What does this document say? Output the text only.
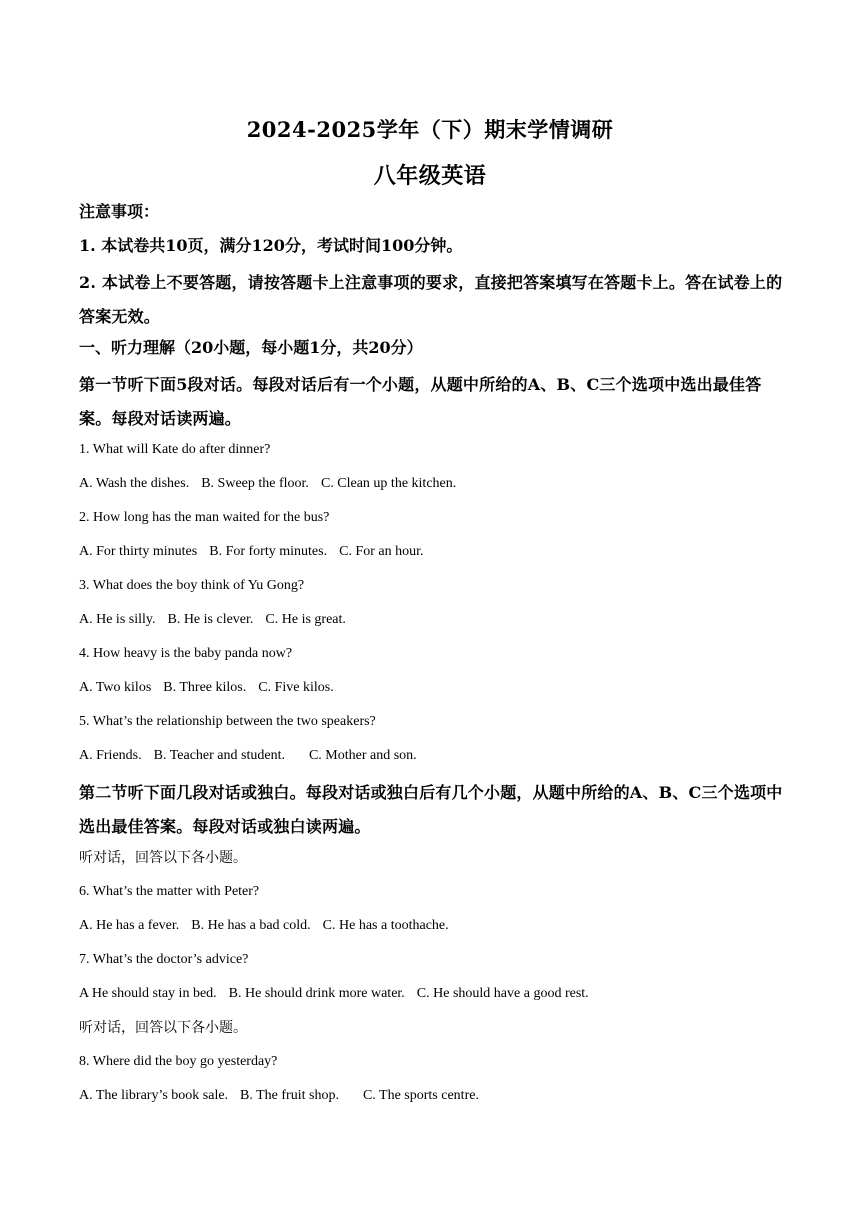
2024-2025学年（下）期末学情调研
八年级英语
注意事项：
1. 本试卷共10页，满分120分，考试时间100分钟。
2. 本试卷上不要答题，请按答题卡上注意事项的要求，直接把答案填写在答题卡上。答在试卷上的答案无效。
一、听力理解（20小题，每小题1分，共20分）
第一节听下面5段对话。每段对话后有一个小题，从题中所给的A、B、C三个选项中选出最佳答案。每段对话读两遍。
1. What will Kate do after dinner?
A. Wash the dishes. B. Sweep the floor. C. Clean up the kitchen.
2. How long has the man waited for the bus?
A. For thirty minutes B. For forty minutes. C. For an hour.
3. What does the boy think of Yu Gong?
A. He is silly. B. He is clever. C. He is great.
4. How heavy is the baby panda now?
A. Two kilos B. Three kilos. C. Five kilos.
5. What’s the relationship between the two speakers?
A. Friends. B. Teacher and student. C. Mother and son.
第二节听下面几段对话或独白。每段对话或独白后有几个小题，从题中所给的A、B、C三个选项中选出最佳答案。每段对话或独白读两遍。
听对话，回答以下各小题。
6. What’s the matter with Peter?
A. He has a fever. B. He has a bad cold. C. He has a toothache.
7. What’s the doctor’s advice?
A He should stay in bed. B. He should drink more water. C. He should have a good rest.
听对话，回答以下各小题。
8. Where did the boy go yesterday?
A. The library’s book sale. B. The fruit shop. C. The sports centre.
